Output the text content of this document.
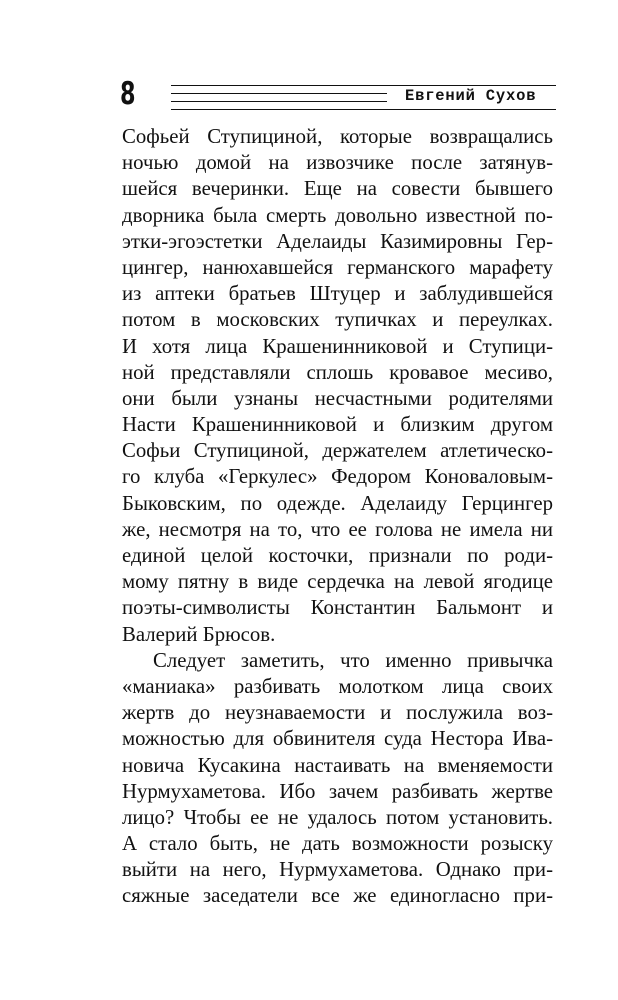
8	Евгений Сухов
Софьей Ступициной, которые возвращались
ночью домой на извозчике после затянув-
шейся вечеринки. Еще на совести бывшего
дворника была смерть довольно известной по-
этки-эгоэстетки Аделаиды Казимировны Гер-
цингер, нанюхавшейся германского марафету
из аптеки братьев Штуцер и заблудившейся
потом в московских тупичках и переулках.
И хотя лица Крашенинниковой и Ступици-
ной представляли сплошь кровавое месиво,
они были узнаны несчастными родителями
Насти Крашенинниковой и близким другом
Софьи Ступициной, держателем атлетическо-
го клуба «Геркулес» Федором Коноваловым-
Быковским, по одежде. Аделаиду Герцингер
же, несмотря на то, что ее голова не имела ни
единой целой косточки, признали по роди-
мому пятну в виде сердечка на левой ягодице
поэты-символисты Константин Бальмонт и
Валерий Брюсов.
Следует заметить, что именно привычка
«маниака» разбивать молотком лица своих
жертв до неузнаваемости и послужила воз-
можностью для обвинителя суда Нестора Ива-
новича Кусакина настаивать на вменяемости
Нурмухаметова. Ибо зачем разбивать жертве
лицо? Чтобы ее не удалось потом установить.
А стало быть, не дать возможности розыску
выйти на него, Нурмухаметова. Однако при-
сяжные заседатели все же единогласно при-
